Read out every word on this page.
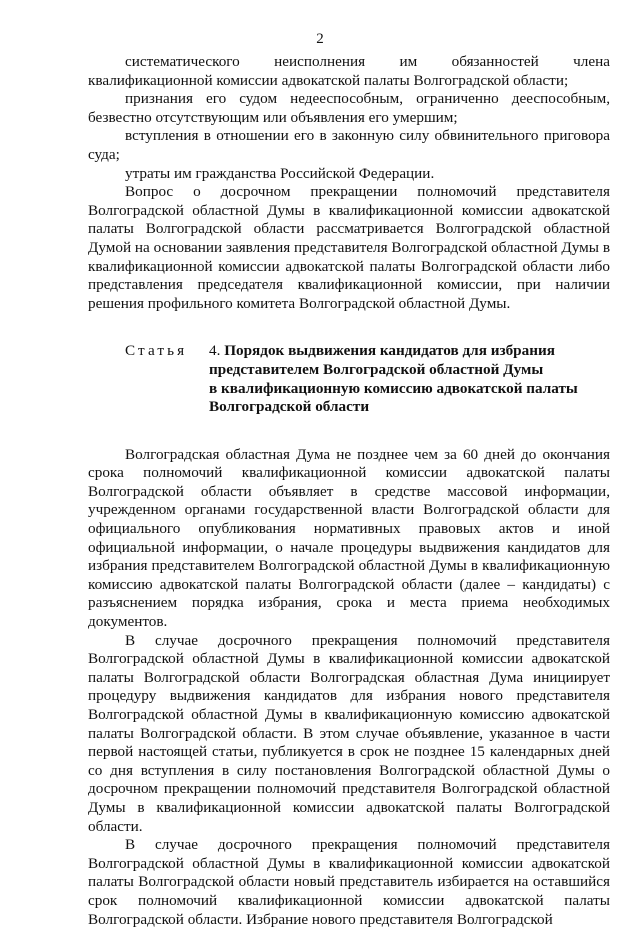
2

систематического неисполнения им обязанностей члена квалификационной комиссии адвокатской палаты Волгоградской области;

признания его судом недееспособным, ограниченно дееспособным, безвестно отсутствующим или объявления его умершим;

вступления в отношении его в законную силу обвинительного приговора суда;

утраты им гражданства Российской Федерации.

Вопрос о досрочном прекращении полномочий представителя Волгоградской областной Думы в квалификационной комиссии адвокатской палаты Волгоградской области рассматривается Волгоградской областной Думой на основании заявления представителя Волгоградской областной Думы в квалификационной комиссии адвокатской палаты Волгоградской области либо представления председателя квалификационной комиссии, при наличии решения профильного комитета Волгоградской областной Думы.

Статья 4. Порядок выдвижения кандидатов для избрания
представителем Волгоградской областной Думы
в квалификационную комиссию адвокатской палаты
Волгоградской области

Волгоградская областная Дума не позднее чем за 60 дней до окончания срока полномочий квалификационной комиссии адвокатской палаты Волгоградской области объявляет в средстве массовой информации, учрежденном органами государственной власти Волгоградской области для официального опубликования нормативных правовых актов и иной официальной информации, о начале процедуры выдвижения кандидатов для избрания представителем Волгоградской областной Думы в квалификационную комиссию адвокатской палаты Волгоградской области (далее – кандидаты) с разъяснением порядка избрания, срока и места приема необходимых документов.

В случае досрочного прекращения полномочий представителя Волгоградской областной Думы в квалификационной комиссии адвокатской палаты Волгоградской области Волгоградская областная Дума инициирует процедуру выдвижения кандидатов для избрания нового представителя Волгоградской областной Думы в квалификационную комиссию адвокатской палаты Волгоградской области. В этом случае объявление, указанное в части первой настоящей статьи, публикуется в срок не позднее 15 календарных дней со дня вступления в силу постановления Волгоградской областной Думы о досрочном прекращении полномочий представителя Волгоградской областной Думы в квалификационной комиссии адвокатской палаты Волгоградской области.

В случае досрочного прекращения полномочий представителя Волгоградской областной Думы в квалификационной комиссии адвокатской палаты Волгоградской области новый представитель избирается на оставшийся срок полномочий квалификационной комиссии адвокатской палаты Волгоградской области. Избрание нового представителя Волгоградской
